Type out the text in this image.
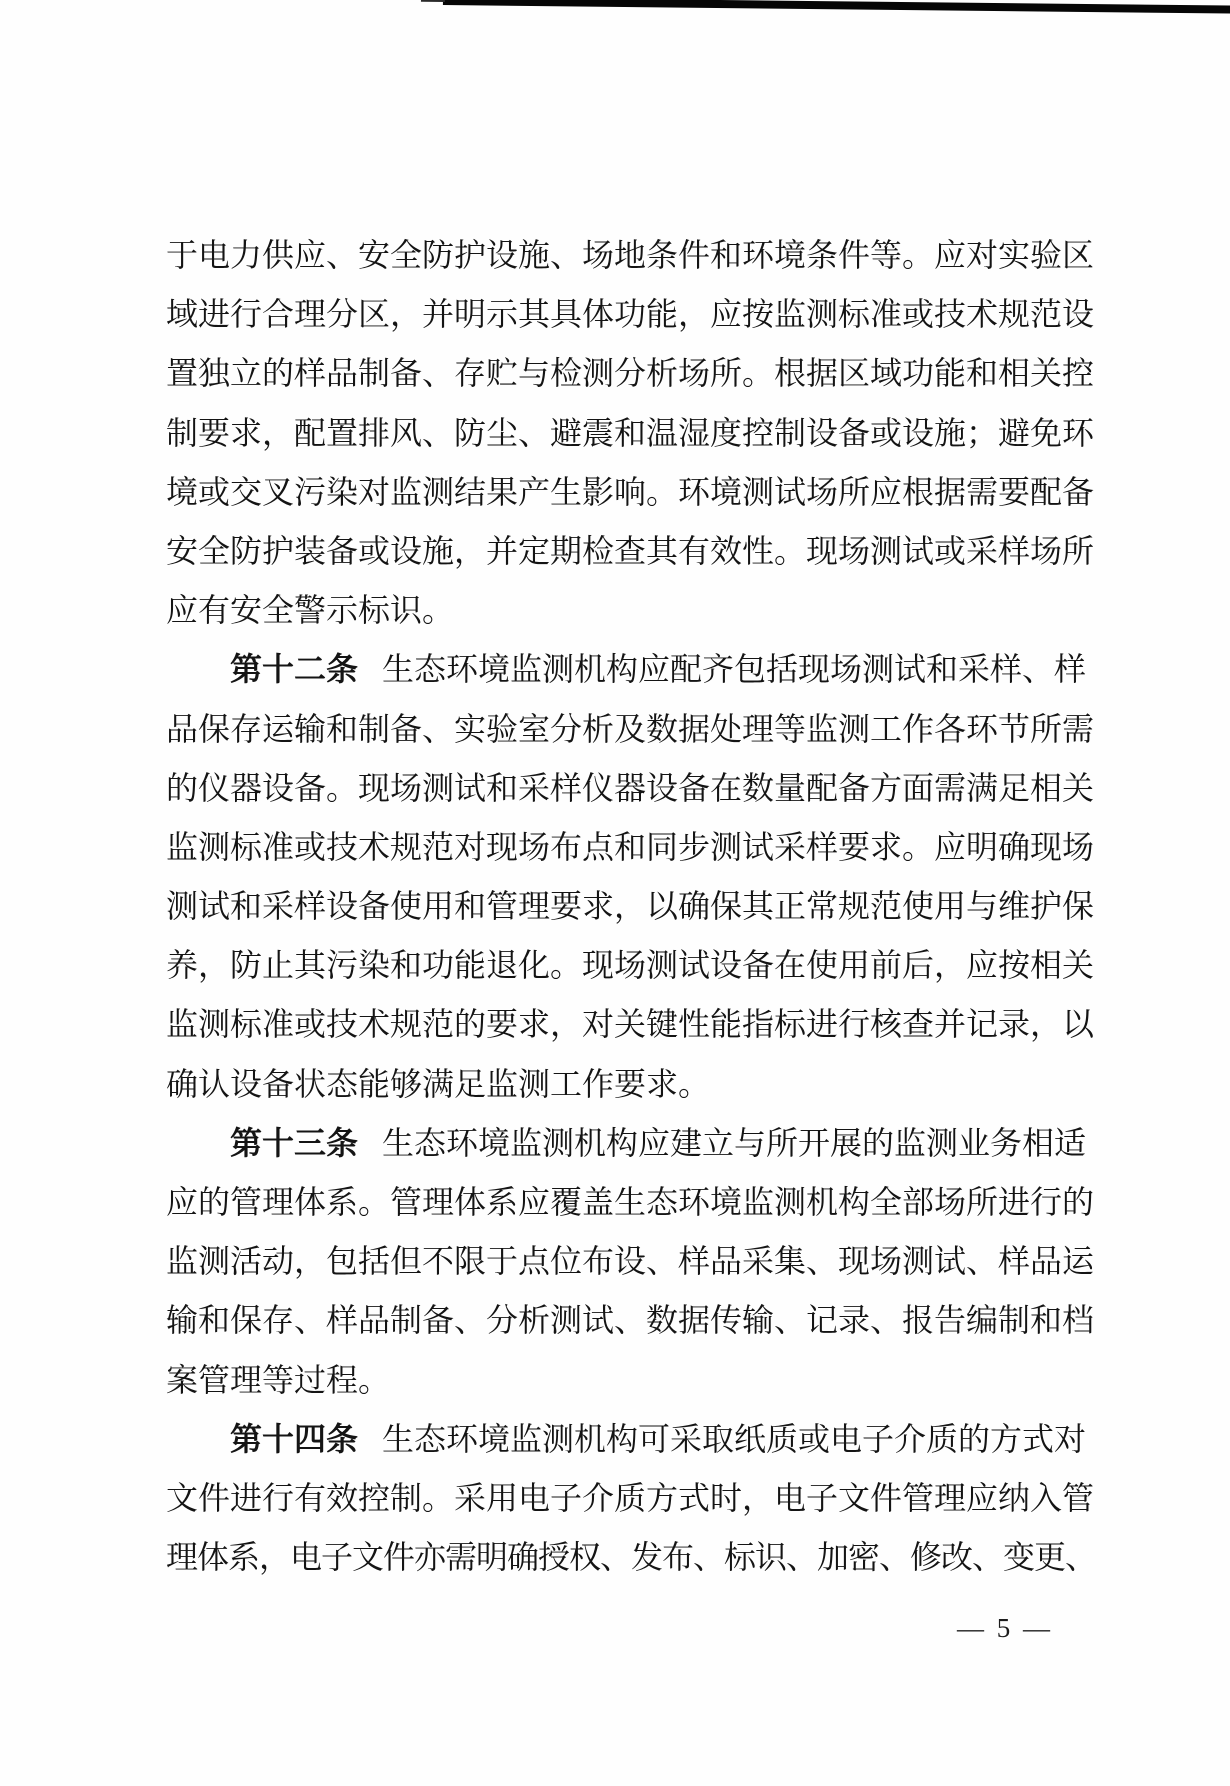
于电力供应、安全防护设施、场地条件和环境条件等。应对实验区
域进行合理分区，并明示其具体功能，应按监测标准或技术规范设
置独立的样品制备、存贮与检测分析场所。根据区域功能和相关控
制要求，配置排风、防尘、避震和温湿度控制设备或设施；避免环
境或交叉污染对监测结果产生影响。环境测试场所应根据需要配备
安全防护装备或设施，并定期检查其有效性。现场测试或采样场所
应有安全警示标识。
第十二条 生态环境监测机构应配齐包括现场测试和采样、样
品保存运输和制备、实验室分析及数据处理等监测工作各环节所需
的仪器设备。现场测试和采样仪器设备在数量配备方面需满足相关
监测标准或技术规范对现场布点和同步测试采样要求。应明确现场
测试和采样设备使用和管理要求，以确保其正常规范使用与维护保
养，防止其污染和功能退化。现场测试设备在使用前后，应按相关
监测标准或技术规范的要求，对关键性能指标进行核查并记录，以
确认设备状态能够满足监测工作要求。
第十三条 生态环境监测机构应建立与所开展的监测业务相适
应的管理体系。管理体系应覆盖生态环境监测机构全部场所进行的
监测活动，包括但不限于点位布设、样品采集、现场测试、样品运
输和保存、样品制备、分析测试、数据传输、记录、报告编制和档
案管理等过程。
第十四条 生态环境监测机构可采取纸质或电子介质的方式对
文件进行有效控制。采用电子介质方式时，电子文件管理应纳入管
理体系，电子文件亦需明确授权、发布、标识、加密、修改、变更、
— 5 —
